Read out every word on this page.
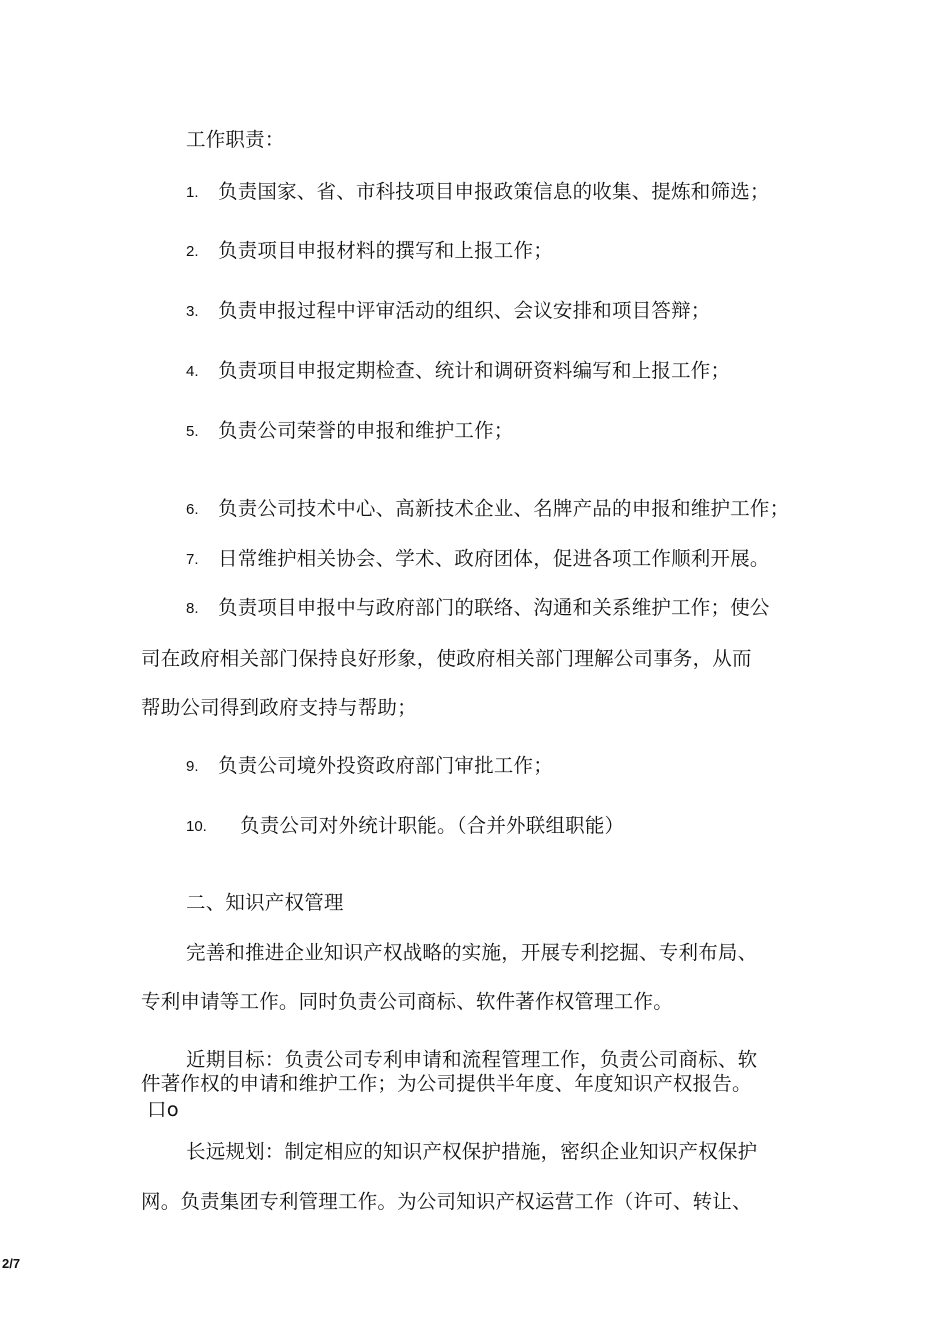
工作职责：
1. 负责国家、省、市科技项目申报政策信息的收集、提炼和筛选；
2. 负责项目申报材料的撰写和上报工作；
3. 负责申报过程中评审活动的组织、会议安排和项目答辩；
4. 负责项目申报定期检查、统计和调研资料编写和上报工作；
5. 负责公司荣誉的申报和维护工作；
6. 负责公司技术中心、高新技术企业、名牌产品的申报和维护工作；
7. 日常维护相关协会、学术、政府团体，促进各项工作顺利开展。
8. 负责项目申报中与政府部门的联络、沟通和关系维护工作；使公
司在政府相关部门保持良好形象，使政府相关部门理解公司事务，从而
帮助公司得到政府支持与帮助；
9. 负责公司境外投资政府部门审批工作；
10. 负责公司对外统计职能。（合并外联组职能）
二、知识产权管理
完善和推进企业知识产权战略的实施，开展专利挖掘、专利布局、
专利申请等工作。同时负责公司商标、软件著作权管理工作。
近期目标：负责公司专利申请和流程管理工作，负责公司商标、软
件著作权的申请和维护工作；为公司提供半年度、年度知识产权报告。
口o
长远规划：制定相应的知识产权保护措施，密织企业知识产权保护
网。负责集团专利管理工作。为公司知识产权运营工作（许可、转让、
2/7
